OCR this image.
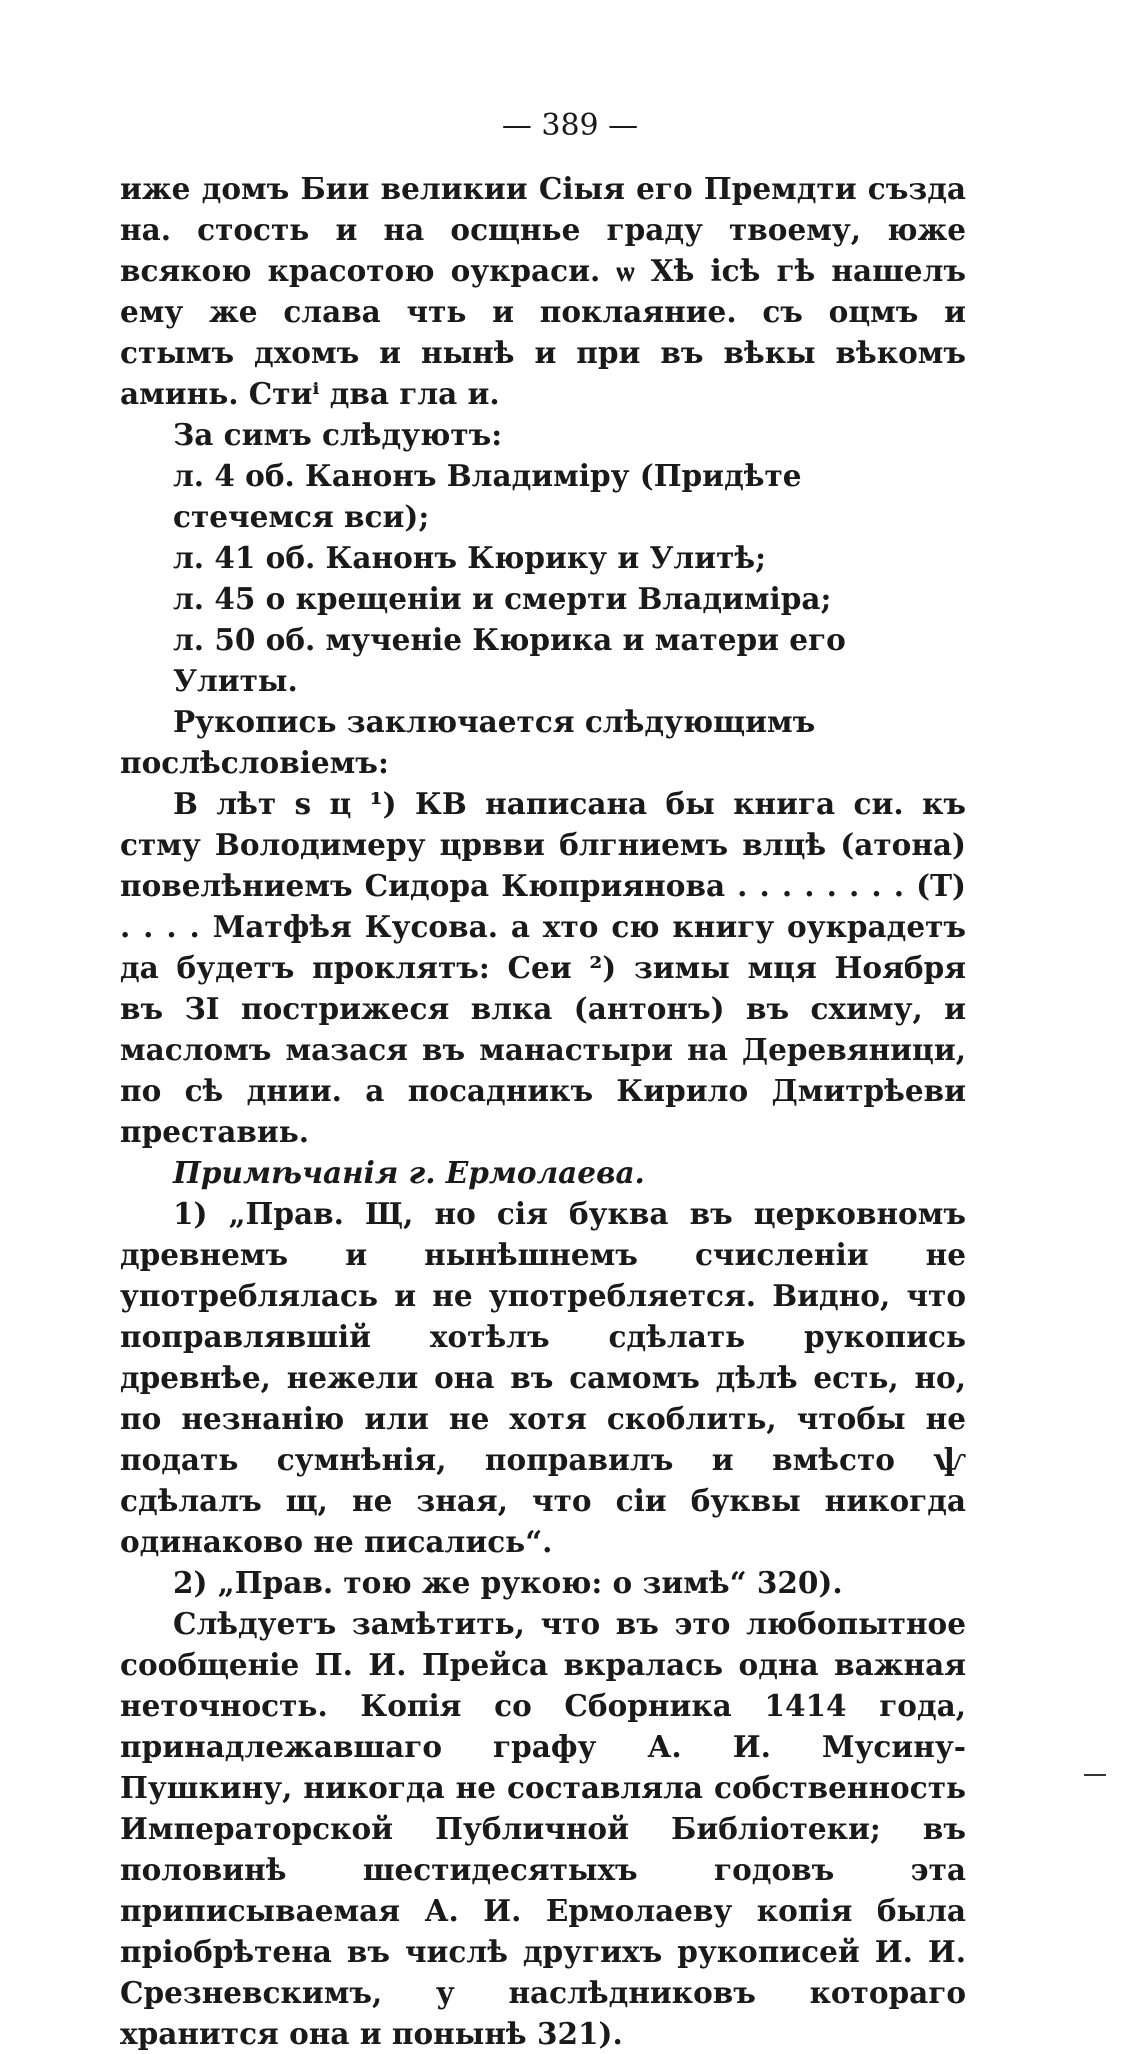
— 389 —

иже домъ Бии великии Сiыя его Премдти създа на. стость и на осщнье граду твоему, юже всякою красотою оукраси. ѡ Хѣ iсѣ гѣ нашелъ ему же слава чть и поклаяние. съ оцмъ и стымъ дхомъ и нынѣ и при въ вѣкы вѣкомъ аминь. Стиⁱ два гла и.

За симъ слѣдуютъ:

л. 4 об. Канонъ Владиміру (Придѣте стечемся вси);

л. 41 об. Канонъ Кюрику и Улитѣ;

л. 45 о крещеніи и смерти Владиміра;

л. 50 об. мученіе Кюрика и матери его Улиты.

Рукопись заключается слѣдующимъ послѣсловіемъ:

В лѣт ѕ ц ¹) КВ написана бы книга си. къ стму Володимеру црвви блгниемъ влцѣ (атона) повелѣниемъ Сидора Кюприянова . . . . . . . . (Т) . . . . Матфѣя Кусова. а хто сю книгу оукрадетъ да будетъ проклятъ: Сеи ²) зимы мця Ноября въ ЗI пострижеся влка (антонъ) въ схиму, и масломъ мазася въ манастыри на Деревяници, по сѣ днии. а посадникъ Кирило Дмитрѣеви преставиь.

Примѣчанія г. Ермолаева.

1) „Прав. Щ, но сія буква въ церковномъ древнемъ и нынѣшнемъ счисленіи не употреблялась и не употребляется. Видно, что поправлявшій хотѣлъ сдѣлать рукопись древнѣе, нежели она въ самомъ дѣлѣ есть, но, по незнанію или не хотя скоблить, чтобы не подать сумнѣнія, поправилъ и вмѣсто ѱ сдѣлалъ щ, не зная, что сіи буквы никогда одинаково не писались“.

2) „Прав. тою же рукою: о зимѣ“ 320).

Слѣдуетъ замѣтить, что въ это любопытное сообщеніе П. И. Прейса вкралась одна важная неточность. Копія со Сборника 1414 года, принадлежавшаго графу А. И. Мусину-Пушкину, никогда не составляла собственность Императорской Публичной Библіотеки; въ половинѣ шестидесятыхъ годовъ эта приписываемая А. И. Ермолаеву копія была пріобрѣтена въ числѣ другихъ рукописей И. И. Срезневскимъ, у наслѣдниковъ котораго хранится она и понынѣ 321).
